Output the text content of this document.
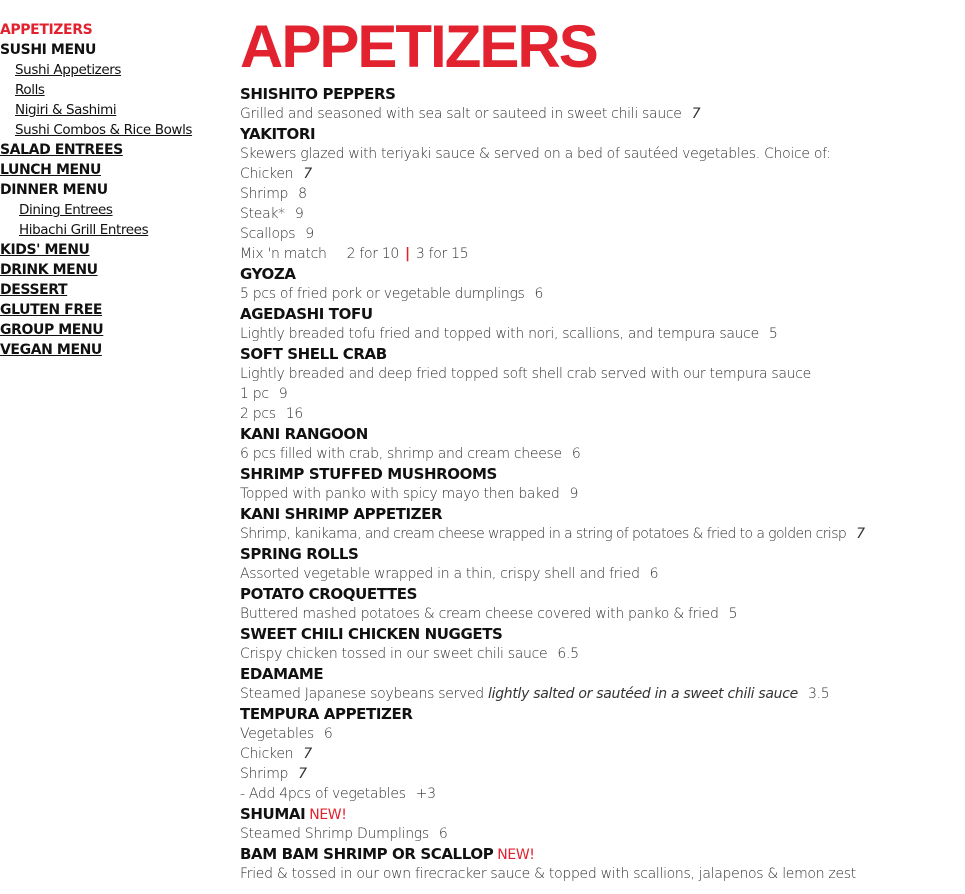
APPETIZERS
SUSHI MENU
Sushi Appetizers
Rolls
Nigiri & Sashimi
Sushi Combos & Rice Bowls
SALAD ENTREES
LUNCH MENU
DINNER MENU
Dining Entrees
Hibachi Grill Entrees
KIDS' MENU
DRINK MENU
DESSERT
GLUTEN FREE
GROUP MENU
VEGAN MENU
APPETIZERS
SHISHITO PEPPERS
Grilled and seasoned with sea salt or sauteed in sweet chili sauce 7
YAKITORI
Skewers glazed with teriyaki sauce & served on a bed of sautéed vegetables. Choice of:
Chicken 7
Shrimp 8
Steak* 9
Scallops 9
Mix 'n match 2 for 10 | 3 for 15
GYOZA
5 pcs of fried pork or vegetable dumplings 6
AGEDASHI TOFU
Lightly breaded tofu fried and topped with nori, scallions, and tempura sauce 5
SOFT SHELL CRAB
Lightly breaded and deep fried topped soft shell crab served with our tempura sauce
1 pc 9
2 pcs 16
KANI RANGOON
6 pcs filled with crab, shrimp and cream cheese 6
SHRIMP STUFFED MUSHROOMS
Topped with panko with spicy mayo then baked 9
KANI SHRIMP APPETIZER
Shrimp, kanikama, and cream cheese wrapped in a string of potatoes & fried to a golden crisp 7
SPRING ROLLS
Assorted vegetable wrapped in a thin, crispy shell and fried 6
POTATO CROQUETTES
Buttered mashed potatoes & cream cheese covered with panko & fried 5
SWEET CHILI CHICKEN NUGGETS
Crispy chicken tossed in our sweet chili sauce 6.5
EDAMAME
Steamed Japanese soybeans served lightly salted or sautéed in a sweet chili sauce 3.5
TEMPURA APPETIZER
Vegetables 6
Chicken 7
Shrimp 7
- Add 4pcs of vegetables +3
SHUMAI NEW!
Steamed Shrimp Dumplings 6
BAM BAM SHRIMP OR SCALLOP NEW!
Fried & tossed in our own firecracker sauce & topped with scallions, jalapenos & lemon zest
